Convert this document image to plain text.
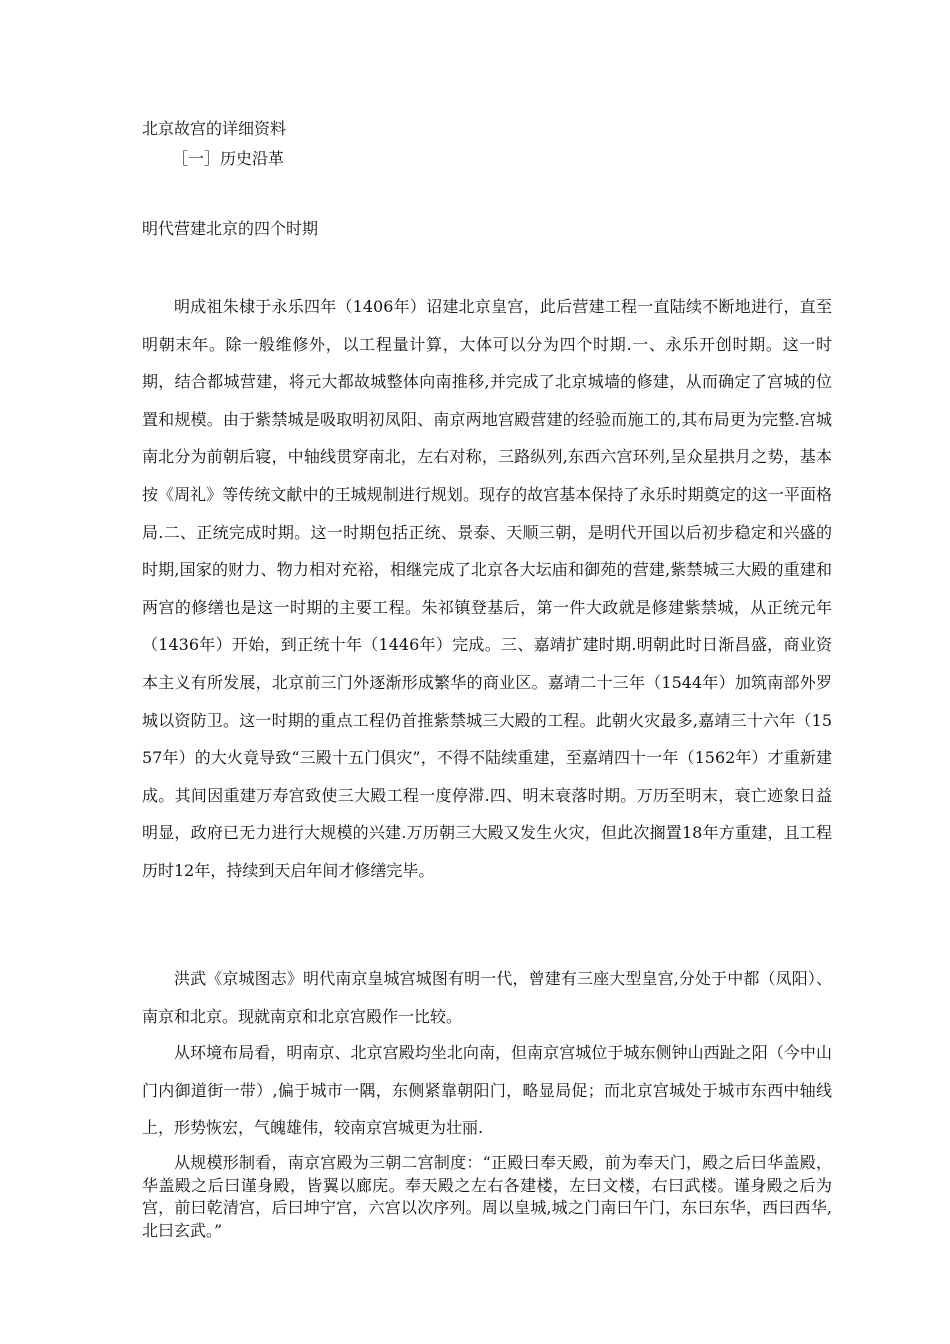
北京故宫的详细资料
［一］历史沿革
明代营建北京的四个时期

明成祖朱棣于永乐四年（1406年）诏建北京皇宫，此后营建工程一直陆续不断地进行，直至明朝末年。除一般维修外，以工程量计算，大体可以分为四个时期.一、永乐开创时期。这一时期，结合都城营建，将元大都故城整体向南推移,并完成了北京城墙的修建，从而确定了宫城的位置和规模。由于紫禁城是吸取明初凤阳、南京两地宫殿营建的经验而施工的,其布局更为完整.宫城南北分为前朝后寝，中轴线贯穿南北，左右对称，三路纵列,东西六宫环列,呈众星拱月之势，基本按《周礼》等传统文献中的王城规制进行规划。现存的故宫基本保持了永乐时期奠定的这一平面格局.二、正统完成时期。这一时期包括正统、景泰、天顺三朝，是明代开国以后初步稳定和兴盛的时期,国家的财力、物力相对充裕，相继完成了北京各大坛庙和御苑的营建,紫禁城三大殿的重建和两宫的修缮也是这一时期的主要工程。朱祁镇登基后，第一件大政就是修建紫禁城，从正统元年（1436年）开始，到正统十年（1446年）完成。三、嘉靖扩建时期.明朝此时日渐昌盛，商业资本主义有所发展，北京前三门外逐渐形成繁华的商业区。嘉靖二十三年（1544年）加筑南部外罗城以资防卫。这一时期的重点工程仍首推紫禁城三大殿的工程。此朝火灾最多,嘉靖三十六年（1557年）的大火竟导致“三殿十五门俱灾”，不得不陆续重建，至嘉靖四十一年（1562年）才重新建成。其间因重建万寿宫致使三大殿工程一度停滞.四、明末衰落时期。万历至明末，衰亡迹象日益明显，政府已无力进行大规模的兴建.万历朝三大殿又发生火灾，但此次搁置18年方重建，且工程历时12年，持续到天启年间才修缮完毕。

洪武《京城图志》明代南京皇城宫城图有明一代，曾建有三座大型皇宫,分处于中都（凤阳）、南京和北京。现就南京和北京宫殿作一比较。

从环境布局看，明南京、北京宫殿均坐北向南，但南京宫城位于城东侧钟山西趾之阳（今中山门内御道街一带）,偏于城市一隅，东侧紧靠朝阳门，略显局促；而北京宫城处于城市东西中轴线上，形势恢宏，气魄雄伟，较南京宫城更为壮丽.

从规模形制看，南京宫殿为三朝二宫制度：“正殿曰奉天殿，前为奉天门，殿之后曰华盖殿，华盖殿之后曰谨身殿，皆翼以廊庑。奉天殿之左右各建楼，左曰文楼，右曰武楼。谨身殿之后为宫，前曰乾清宫，后曰坤宁宫，六宫以次序列。周以皇城,城之门南曰午门，东曰东华，西曰西华,北曰玄武。”
